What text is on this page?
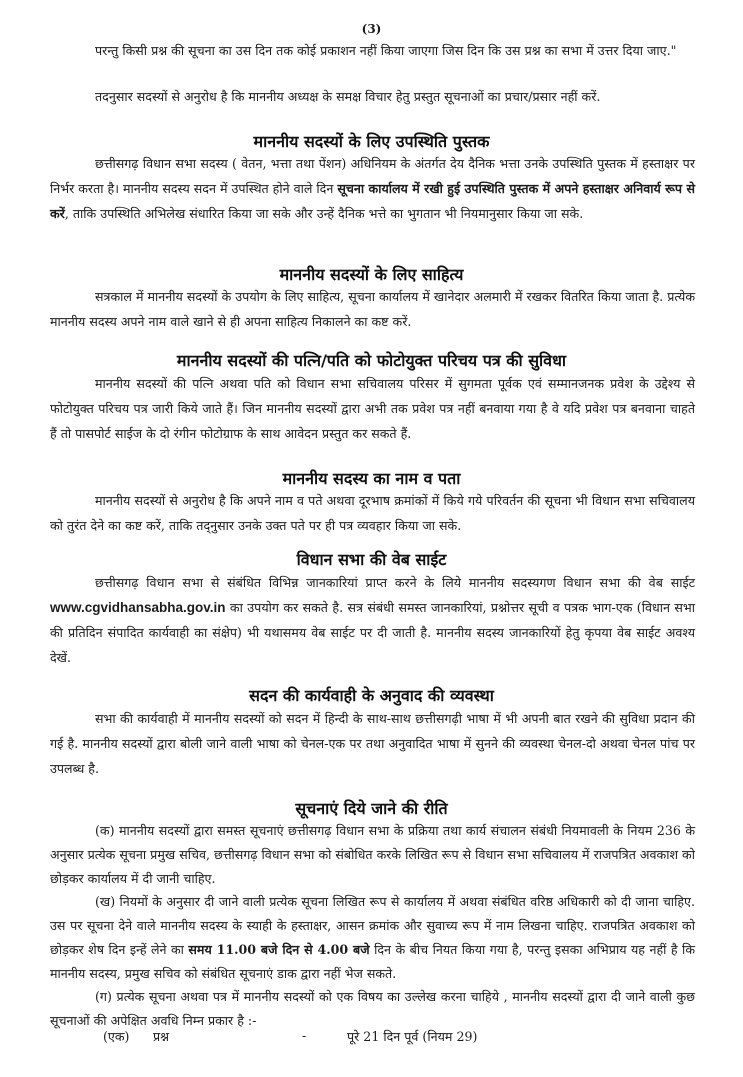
(3)
परन्तु किसी प्रश्न की सूचना का उस दिन तक कोई प्रकाशन नहीं किया जाएगा जिस दिन कि उस प्रश्न का सभा में उत्तर दिया जाए."
तदनुसार सदस्यों से अनुरोध है कि माननीय अध्यक्ष के समक्ष विचार हेतु प्रस्तुत सूचनाओं का प्रचार/प्रसार नहीं करें.
माननीय सदस्यों के लिए उपस्थिति पुस्तक
छत्तीसगढ़ विधान सभा सदस्य ( वेतन, भत्ता तथा पेंशन) अधिनियम के अंतर्गत देय दैनिक भत्ता उनके उपस्थिति पुस्तक में हस्ताक्षर पर निर्भर करता है। माननीय सदस्य सदन में उपस्थित होने वाले दिन सूचना कार्यालय में रखी हुई उपस्थिति पुस्तक में अपने हस्ताक्षर अनिवार्य रूप से करें, ताकि उपस्थिति अभिलेख संधारित किया जा सके और उन्हें दैनिक भत्ते का भुगतान भी नियमानुसार किया जा सके.
माननीय सदस्यों के लिए साहित्य
सत्रकाल में माननीय सदस्यों के उपयोग के लिए साहित्य, सूचना कार्यालय में खानेदार अलमारी में रखकर वितरित किया जाता है. प्रत्येक माननीय सदस्य अपने नाम वाले खाने से ही अपना साहित्य निकालने का कष्ट करें.
माननीय सदस्यों की पत्नि/पति को फोटोयुक्त परिचय पत्र की सुविधा
माननीय सदस्यों की पत्नि अथवा पति को विधान सभा सचिवालय परिसर में सुगमता पूर्वक एवं सम्मानजनक प्रवेश के उद्देश्य से फोटोयुक्त परिचय पत्र जारी किये जाते हैं। जिन माननीय सदस्यों द्वारा अभी तक प्रवेश पत्र नहीं बनवाया गया है वे यदि प्रवेश पत्र बनवाना चाहते हैं तो पासपोर्ट साईज के दो रंगीन फोटोग्राफ के साथ आवेदन प्रस्तुत कर सकते हैं.
माननीय सदस्य का नाम व पता
माननीय सदस्यों से अनुरोध है कि अपने नाम व पते अथवा दूरभाष क्रमांकों में किये गये परिवर्तन की सूचना भी विधान सभा सचिवालय को तुरंत देने का कष्ट करें, ताकि तद्नुसार उनके उक्त पते पर ही पत्र व्यवहार किया जा सके.
विधान सभा की वेब साईट
छत्तीसगढ़ विधान सभा से संबंधित विभिन्न जानकारियां प्राप्त करने के लिये माननीय सदस्यगण विधान सभा की वेब साईट www.cgvidhansabha.gov.in का उपयोग कर सकते है. सत्र संबंधी समस्त जानकारियां, प्रश्नोत्तर सूची व पत्रक भाग-एक (विधान सभा की प्रतिदिन संपादित कार्यवाही का संक्षेप) भी यथासमय वेब साईट पर दी जाती है. माननीय सदस्य जानकारियों हेतु कृपया वेब साईट अवश्य देखें.
सदन की कार्यवाही के अनुवाद की व्यवस्था
सभा की कार्यवाही में माननीय सदस्यों को सदन में हिन्दी के साथ-साथ छत्तीसगढ़ी भाषा में भी अपनी बात रखने की सुविधा प्रदान की गई है. माननीय सदस्यों द्वारा बोली जाने वाली भाषा को चेनल-एक पर तथा अनुवादित भाषा में सुनने की व्यवस्था चेनल-दो अथवा चेनल पांच पर उपलब्ध है.
सूचनाएं दिये जाने की रीति
(क) माननीय सदस्यों द्वारा समस्त सूचनाएं छत्तीसगढ़ विधान सभा के प्रक्रिया तथा कार्य संचालन संबंधी नियमावली के नियम 236 के अनुसार प्रत्येक सूचना प्रमुख सचिव, छत्तीसगढ़ विधान सभा को संबोधित करके लिखित रूप से विधान सभा सचिवालय में राजपत्रित अवकाश को छोड़कर कार्यालय में दी जानी चाहिए.
(ख) नियमों के अनुसार दी जाने वाली प्रत्येक सूचना लिखित रूप से कार्यालय में अथवा संबंधित वरिष्ठ अधिकारी को दी जाना चाहिए. उस पर सूचना देने वाले माननीय सदस्य के स्याही के हस्ताक्षर, आसन क्रमांक और सुवाच्य रूप में नाम लिखना चाहिए. राजपत्रित अवकाश को छोड़कर शेष दिन इन्हें लेने का समय 11.00 बजे दिन से 4.00 बजे दिन के बीच नियत किया गया है, परन्तु इसका अभिप्राय यह नहीं है कि माननीय सदस्य, प्रमुख सचिव को संबंधित सूचनाएं डाक द्वारा नहीं भेज सकते.
(ग) प्रत्येक सूचना अथवा पत्र में माननीय सदस्यों को एक विषय का उल्लेख करना चाहिये , माननीय सदस्यों द्वारा दी जाने वाली कुछ सूचनाओं की अपेक्षित अवधि निम्न प्रकार है :-
(एक) प्रश्न	-	पूरे 21 दिन पूर्व (नियम 29)
